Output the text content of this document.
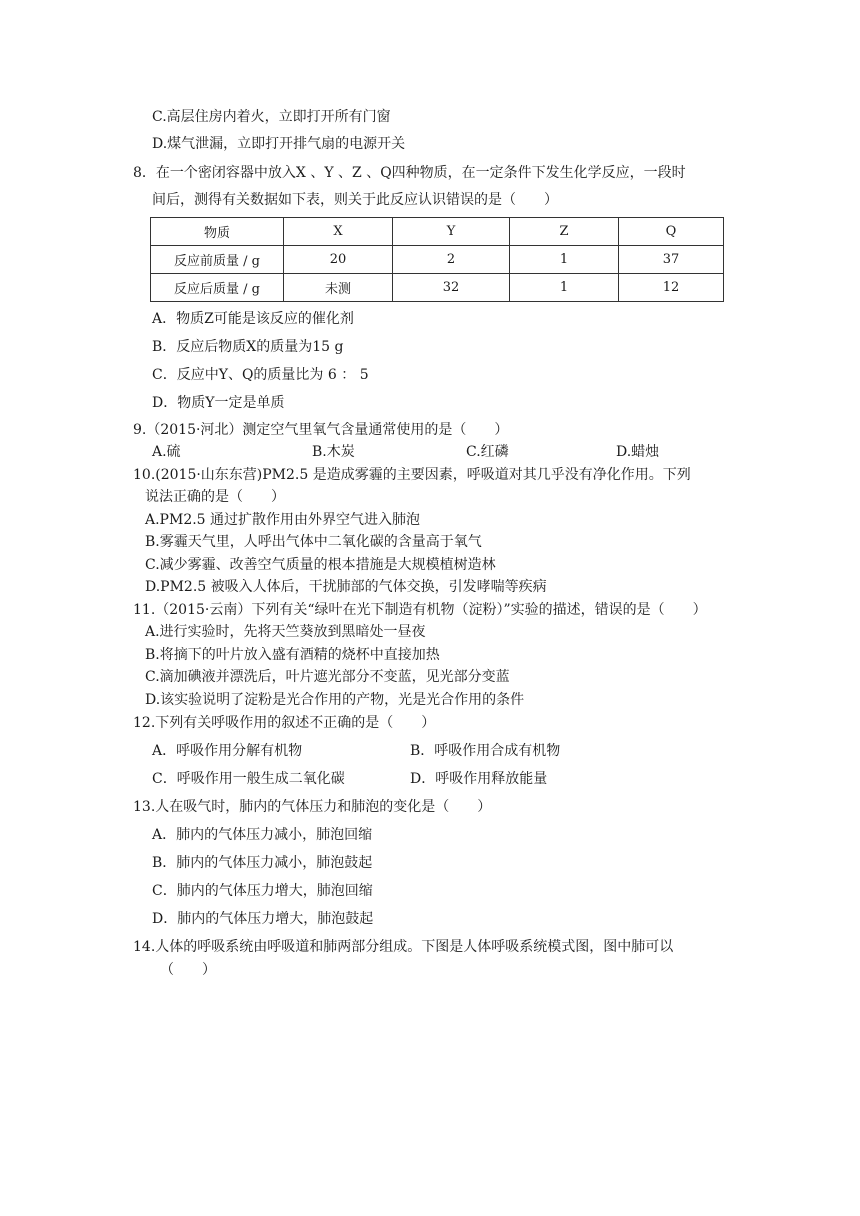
C.高层住房内着火，立即打开所有门窗
D.煤气泄漏，立即打开排气扇的电源开关
8．在一个密闭容器中放入X 、Y 、Z 、Q四种物质，在一定条件下发生化学反应，一段时
间后，测得有关数据如下表，则关于此反应认识错误的是（　　）
物质	X	Y	Z	Q
反应前质量 / g	20	2	1	37
反应后质量 / g	未测	32	1	12
A．物质Z可能是该反应的催化剂
B．反应后物质X的质量为15 g
C．反应中Y、Q的质量比为 6 ： 5
D．物质Y一定是单质
9.（2015·河北）测定空气里氧气含量通常使用的是（　　）
A.硫	B.木炭	C.红磷	D.蜡烛
10.(2015·山东东营)PM2.5 是造成雾霾的主要因素，呼吸道对其几乎没有净化作用。下列
说法正确的是（　　）
A.PM2.5 通过扩散作用由外界空气进入肺泡
B.雾霾天气里，人呼出气体中二氧化碳的含量高于氧气
C.减少雾霾、改善空气质量的根本措施是大规模植树造林
D.PM2.5 被吸入人体后，干扰肺部的气体交换，引发哮喘等疾病
11.（2015·云南）下列有关“绿叶在光下制造有机物（淀粉）”实验的描述，错误的是（　　）
A.进行实验时，先将天竺葵放到黑暗处一昼夜
B.将摘下的叶片放入盛有酒精的烧杯中直接加热
C.滴加碘液并漂洗后，叶片遮光部分不变蓝，见光部分变蓝
D.该实验说明了淀粉是光合作用的产物，光是光合作用的条件
12.下列有关呼吸作用的叙述不正确的是（　　）
A．呼吸作用分解有机物	B．呼吸作用合成有机物
C．呼吸作用一般生成二氧化碳	D．呼吸作用释放能量
13.人在吸气时，肺内的气体压力和肺泡的变化是（　　）
A．肺内的气体压力减小，肺泡回缩
B．肺内的气体压力减小，肺泡鼓起
C．肺内的气体压力增大，肺泡回缩
D．肺内的气体压力增大，肺泡鼓起
14.人体的呼吸系统由呼吸道和肺两部分组成。下图是人体呼吸系统模式图，图中肺可以
（　　）
